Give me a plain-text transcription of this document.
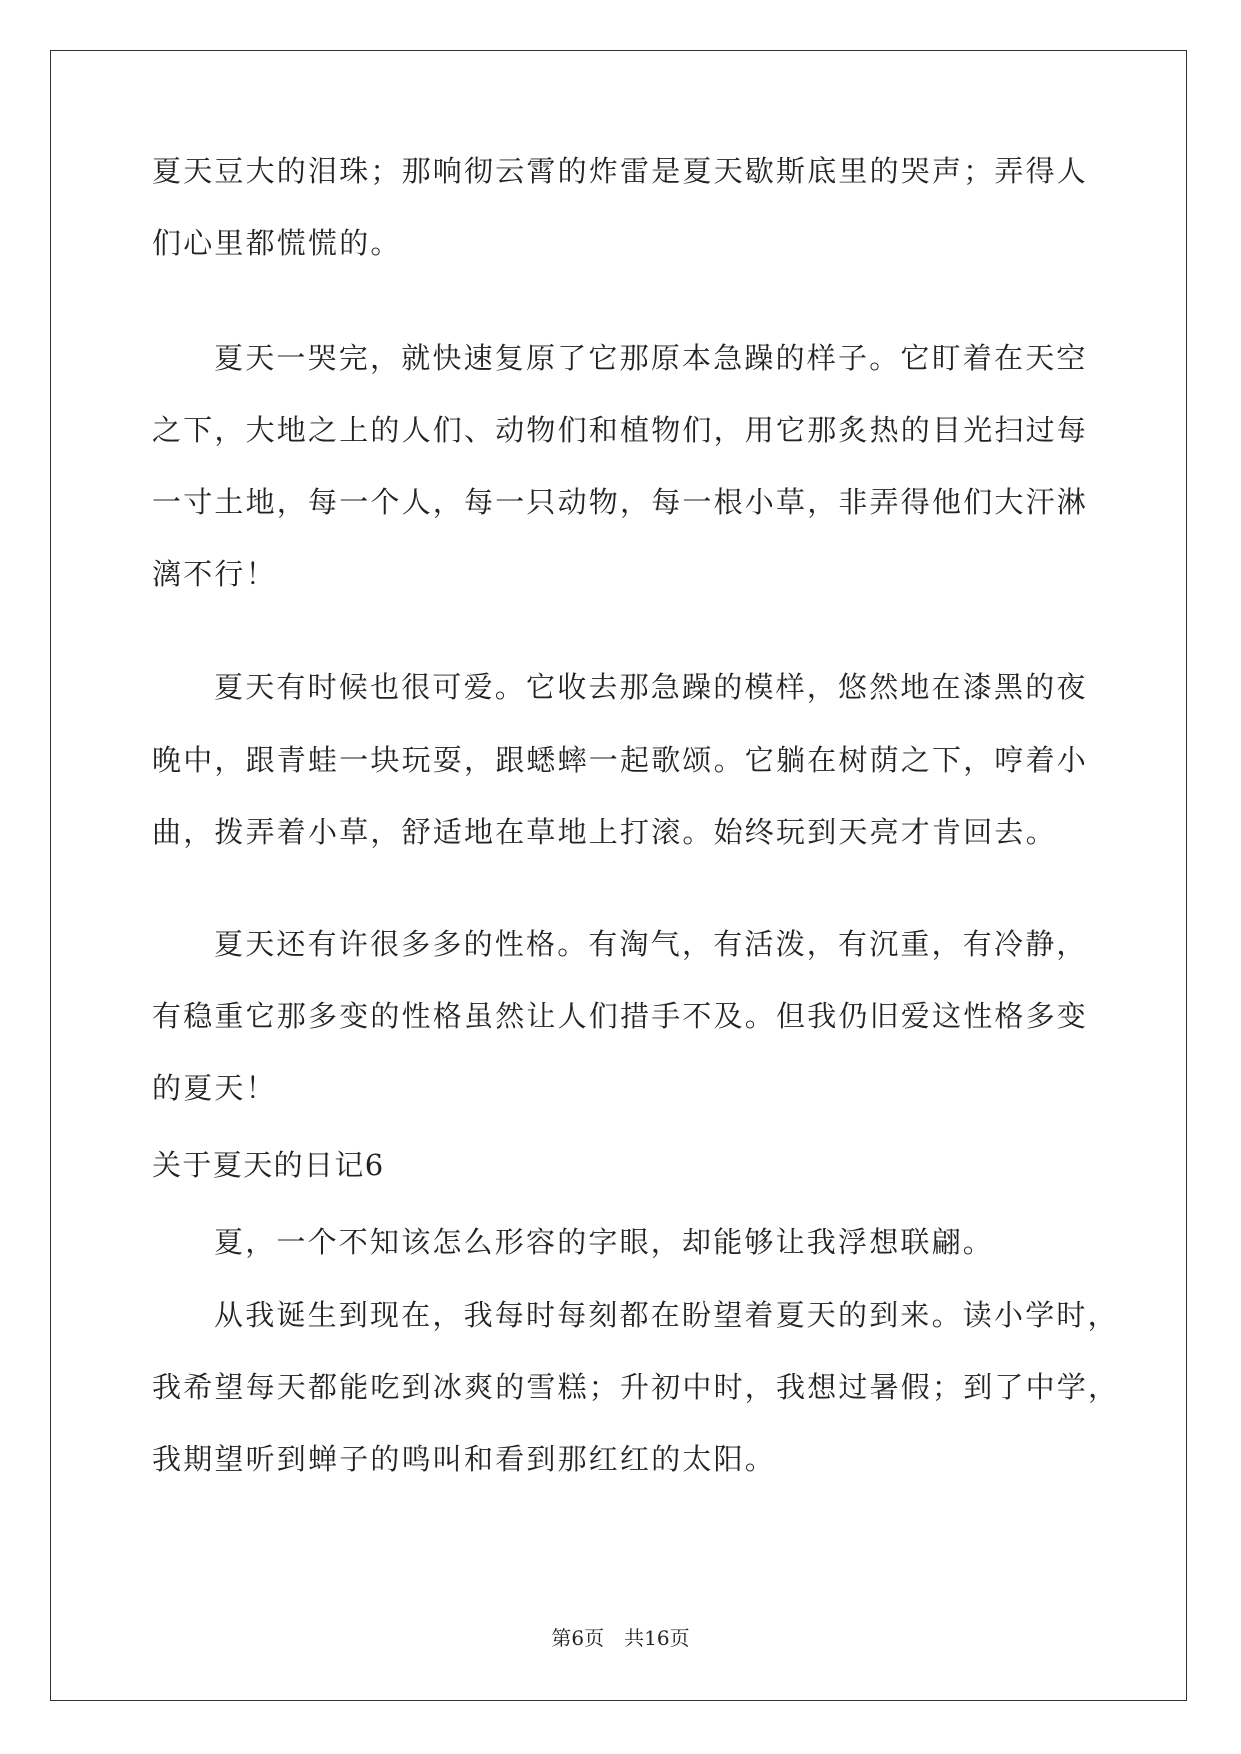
夏天豆大的泪珠；那响彻云霄的炸雷是夏天歇斯底里的哭声；弄得人
们心里都慌慌的。
夏天一哭完，就快速复原了它那原本急躁的样子。它盯着在天空
之下，大地之上的人们、动物们和植物们，用它那炙热的目光扫过每
一寸土地，每一个人，每一只动物，每一根小草，非弄得他们大汗淋
漓不行！
夏天有时候也很可爱。它收去那急躁的模样，悠然地在漆黑的夜
晚中，跟青蛙一块玩耍，跟蟋蟀一起歌颂。它躺在树荫之下，哼着小
曲，拨弄着小草，舒适地在草地上打滚。始终玩到天亮才肯回去。
夏天还有许很多多的性格。有淘气，有活泼，有沉重，有冷静，
有稳重它那多变的性格虽然让人们措手不及。但我仍旧爱这性格多变
的夏天！
关于夏天的日记6
夏，一个不知该怎么形容的字眼，却能够让我浮想联翩。
从我诞生到现在，我每时每刻都在盼望着夏天的到来。读小学时，
我希望每天都能吃到冰爽的雪糕；升初中时，我想过暑假；到了中学，
我期望听到蝉子的鸣叫和看到那红红的太阳。
第6页　共16页
